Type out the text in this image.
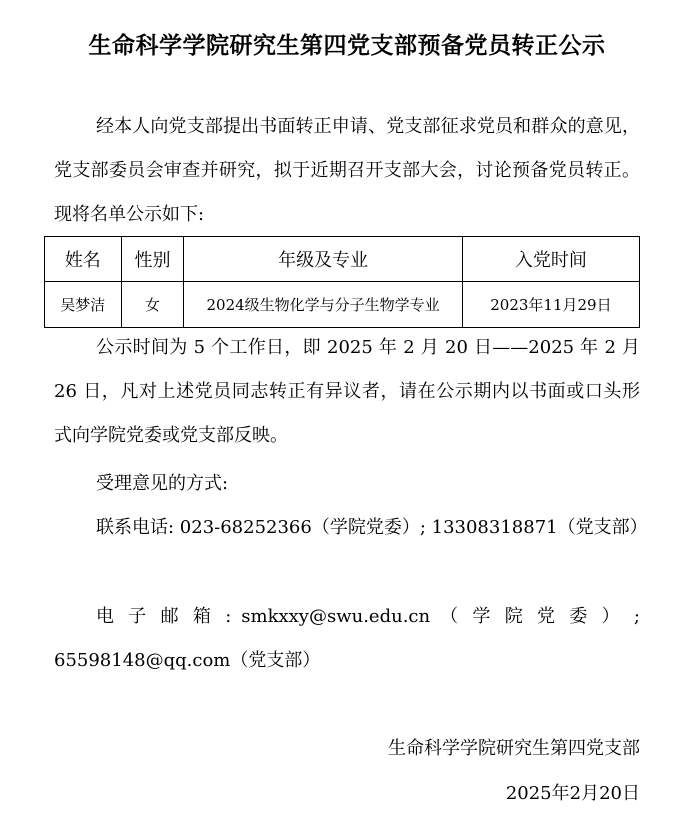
生命科学学院研究生第四党支部预备党员转正公示

经本人向党支部提出书面转正申请、党支部征求党员和群众的意见，党支部委员会审查并研究，拟于近期召开支部大会，讨论预备党员转正。现将名单公示如下:

姓名	性别	年级及专业	入党时间
吴梦洁	女	2024级生物化学与分子生物学专业	2023年11月29日

公示时间为 5 个工作日，即 2025 年 2 月 20 日——2025 年 2 月 26 日，凡对上述党员同志转正有异议者，请在公示期内以书面或口头形式向学院党委或党支部反映。

受理意见的方式:

联系电话: 023-68252366（学院党委）; 13308318871（党支部）

电 子 邮 箱 : smkxxy@swu.edu.cn （ 学 院 党 委 ） ;
65598148@qq.com（党支部）
生命科学学院研究生第四党支部
2025年2月20日
